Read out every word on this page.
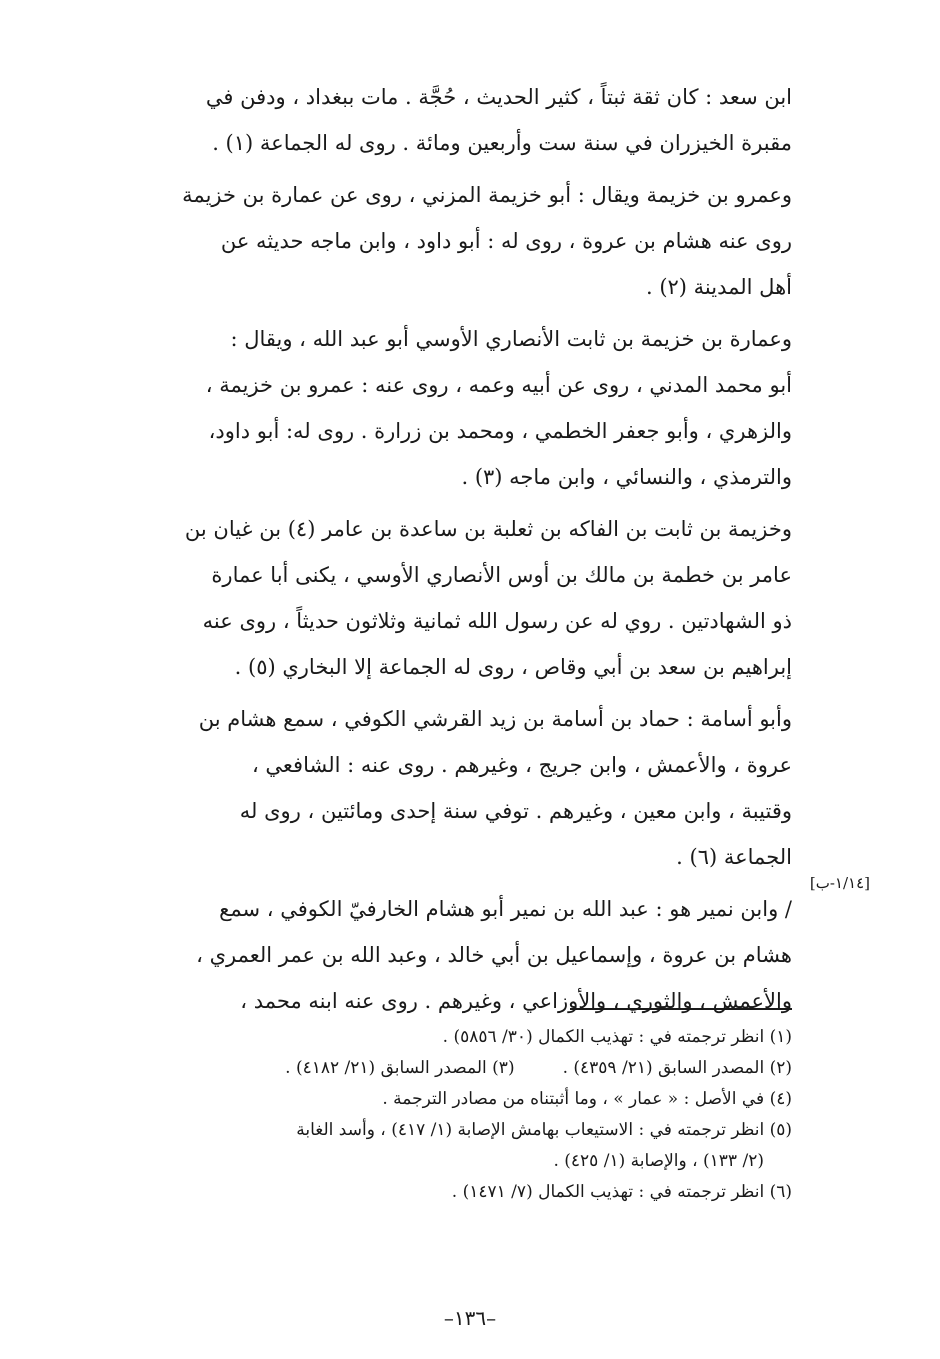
ابن سعد : كان ثقة ثبتاً ، كثير الحديث ، حُجَّة . مات ببغداد ، ودفن في

مقبرة الخيزران في سنة ست وأربعين ومائة . روى له الجماعة (١) .

وعمرو بن خزيمة ويقال : أبو خزيمة المزني ، روى عن عمارة بن خزيمة

روى عنه هشام بن عروة ، روى له : أبو داود ، وابن ماجه حديثه عن

أهل المدينة (٢) .

وعمارة بن خزيمة بن ثابت الأنصاري الأوسي أبو عبد الله ، ويقال :

أبو محمد المدني ، روى عن أبيه وعمه ، روى عنه : عمرو بن خزيمة ،

والزهري ، وأبو جعفر الخطمي ، ومحمد بن زرارة . روى له: أبو داود،

والترمذي ، والنسائي ، وابن ماجه (٣) .

وخزيمة بن ثابت بن الفاكه بن ثعلبة بن ساعدة بن عامر (٤) بن غيان بن

عامر بن خطمة بن مالك بن أوس الأنصاري الأوسي ، يكنى أبا عمارة

ذو الشهادتين . روي له عن رسول الله ثمانية وثلاثون حديثاً ، روى عنه

إبراهيم بن سعد بن أبي وقاص ، روى له الجماعة إلا البخاري (٥) .

وأبو أسامة : حماد بن أسامة بن زيد القرشي الكوفي ، سمع هشام بن

عروة ، والأعمش ، وابن جريج ، وغيرهم . روى عنه : الشافعي ،

وقتيبة ، وابن معين ، وغيرهم . توفي سنة إحدى ومائتين ، روى له

الجماعة (٦) .

/ وابن نمير هو : عبد الله بن نمير أبو هشام الخارفيّ الكوفي ، سمع

هشام بن عروة ، وإسماعيل بن أبي خالد ، وعبد الله بن عمر العمري ،

والأعمش ، والثوري ، والأوزاعي ، وغيرهم . روى عنه ابنه محمد ،

[١/١٤-ب]

(١) انظر ترجمته في : تهذيب الكمال (٣٠/ ٥٨٥٦) .

(٢) المصدر السابق (٢١/ ٤٣٥٩) .
(٣) المصدر السابق (٢١/ ٤١٨٢) .

(٤) في الأصل : « عمار » ، وما أثبتناه من مصادر الترجمة .

(٥) انظر ترجمته في : الاستيعاب بهامش الإصابة (١/ ٤١٧) ، وأسد الغابة

(٢/ ١٣٣) ، والإصابة (١/ ٤٢٥) .

(٦) انظر ترجمته في : تهذيب الكمال (٧/ ١٤٧١) .

–١٣٦–
